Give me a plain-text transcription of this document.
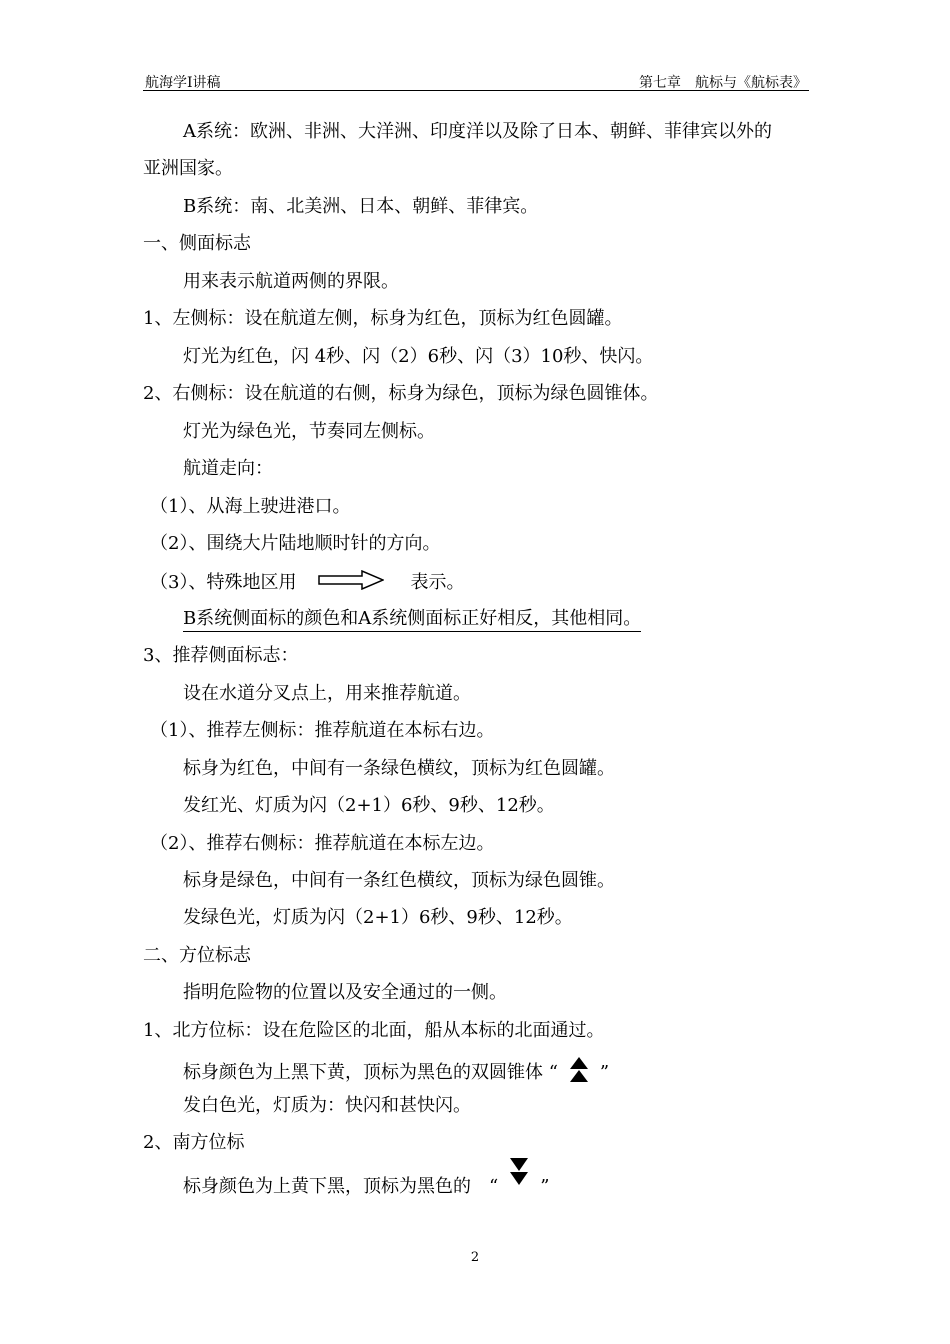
航海学Ⅰ讲稿	第七章　航标与《航标表》
A系统：欧洲、非洲、大洋洲、印度洋以及除了日本、朝鲜、菲律宾以外的
亚洲国家。
B系统：南、北美洲、日本、朝鲜、菲律宾。
一、侧面标志
用来表示航道两侧的界限。
1、左侧标：设在航道左侧，标身为红色，顶标为红色圆罐。
灯光为红色，闪 4秒、闪（2）6秒、闪（3）10秒、快闪。
2、右侧标：设在航道的右侧，标身为绿色，顶标为绿色圆锥体。
灯光为绿色光，节奏同左侧标。
航道走向：
（1）、从海上驶进港口。
（2）、围绕大片陆地顺时针的方向。
（3）、特殊地区用	表示。
B系统侧面标的颜色和A系统侧面标正好相反，其他相同。
3、推荐侧面标志：
设在水道分叉点上，用来推荐航道。
（1）、推荐左侧标：推荐航道在本标右边。
标身为红色，中间有一条绿色横纹，顶标为红色圆罐。
发红光、灯质为闪（2+1）6秒、9秒、12秒。
（2）、推荐右侧标：推荐航道在本标左边。
标身是绿色，中间有一条红色横纹，顶标为绿色圆锥。
发绿色光，灯质为闪（2+1）6秒、9秒、12秒。
二、方位标志
指明危险物的位置以及安全通过的一侧。
1、北方位标：设在危险区的北面，船从本标的北面通过。
标身颜色为上黑下黄，顶标为黑色的双圆锥体 “ ”
发白色光，灯质为：快闪和甚快闪。
2、南方位标
标身颜色为上黄下黑，顶标为黑色的　“ ”
2
